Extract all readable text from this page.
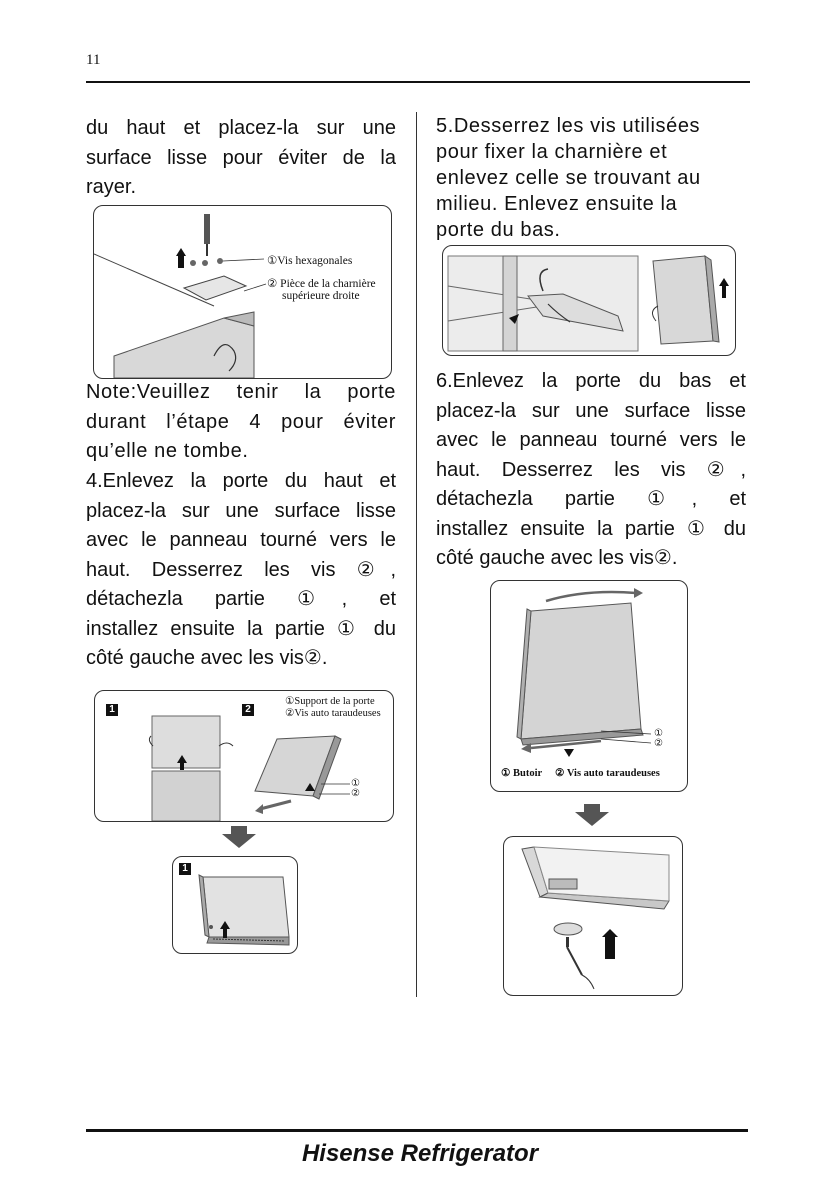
11
Hisense Refrigerator
du haut et placez-la sur une
surface lisse pour éviter de la
rayer.
①Vis hexagonales
② Pièce de la charnière
supérieure droite
Note:Veuillez tenir la porte
durant l’étape 4 pour éviter
qu’elle ne tombe.
4.Enlevez la porte du haut et
placez-la sur une surface lisse
avec le panneau tourné vers le
haut. Desserrez les vis ②,
détachezla partie ①, et
installez ensuite la partie ① du
côté gauche avec les vis②.
1	2
①Support de la porte
②Vis auto taraudeuses
①
②
1
5.Desserrez les vis utilisées
pour fixer la charnière et
enlevez celle se trouvant au
milieu. Enlevez ensuite la
porte du bas.
6.Enlevez la porte du bas et
placez-la sur une surface lisse
avec le panneau tourné vers le
haut. Desserrez les vis ②,
détachezla partie ①, et
installez ensuite la partie ① du
côté gauche avec les vis②.
①
②
① Butoir ② Vis auto taraudeuses
